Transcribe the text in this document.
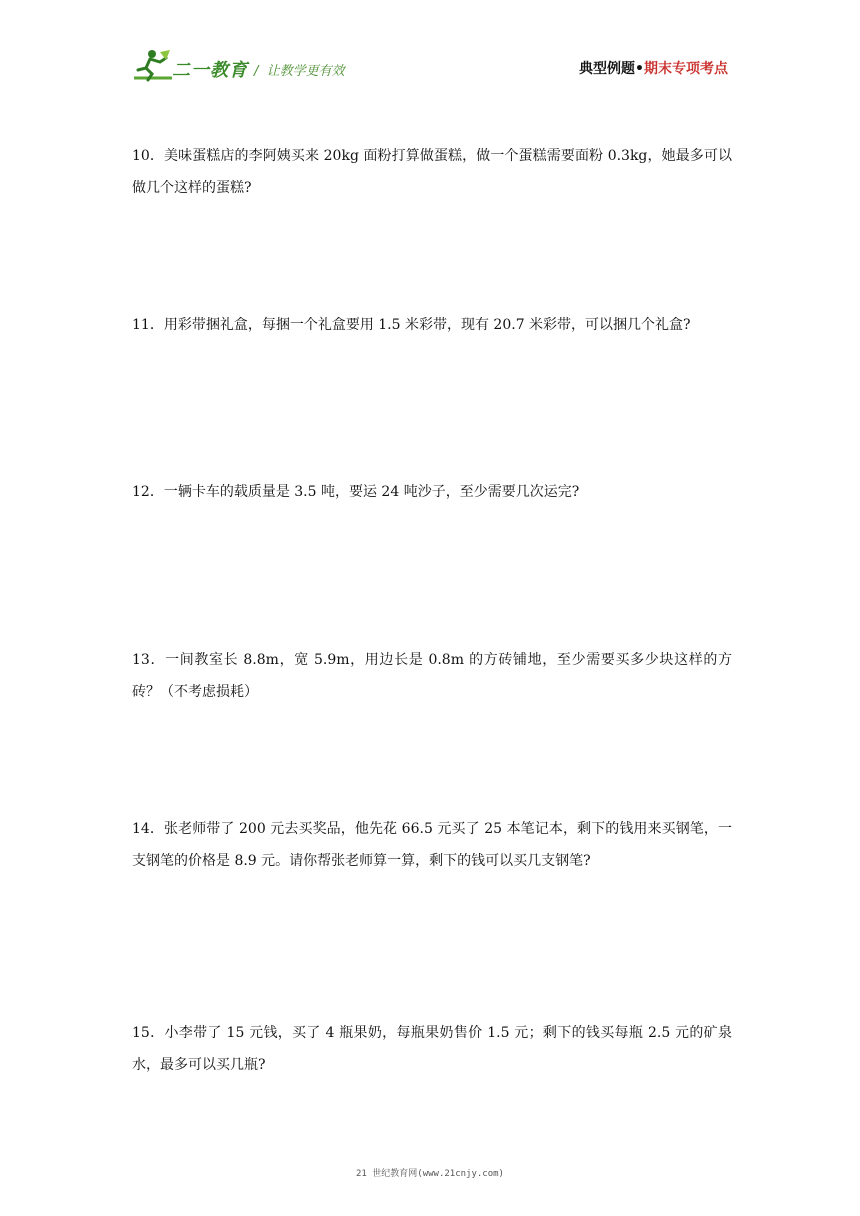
二一教育 /  让教学更有效	典型例题•期末专项考点
10．美味蛋糕店的李阿姨买来 20kg 面粉打算做蛋糕，做一个蛋糕需要面粉 0.3kg，她最多可以做几个这样的蛋糕?
11．用彩带捆礼盒，每捆一个礼盒要用 1.5 米彩带，现有 20.7 米彩带，可以捆几个礼盒?
12．一辆卡车的载质量是 3.5 吨，要运 24 吨沙子，至少需要几次运完?
13．一间教室长 8.8m，宽 5.9m，用边长是 0.8m 的方砖铺地，至少需要买多少块这样的方砖？（不考虑损耗）
14．张老师带了 200 元去买奖品，他先花 66.5 元买了 25 本笔记本，剩下的钱用来买钢笔，一支钢笔的价格是 8.9 元。请你帮张老师算一算，剩下的钱可以买几支钢笔?
15．小李带了 15 元钱，买了 4 瓶果奶，每瓶果奶售价 1.5 元；剩下的钱买每瓶 2.5 元的矿泉水，最多可以买几瓶?
21 世纪教育网(www.21cnjy.com)
